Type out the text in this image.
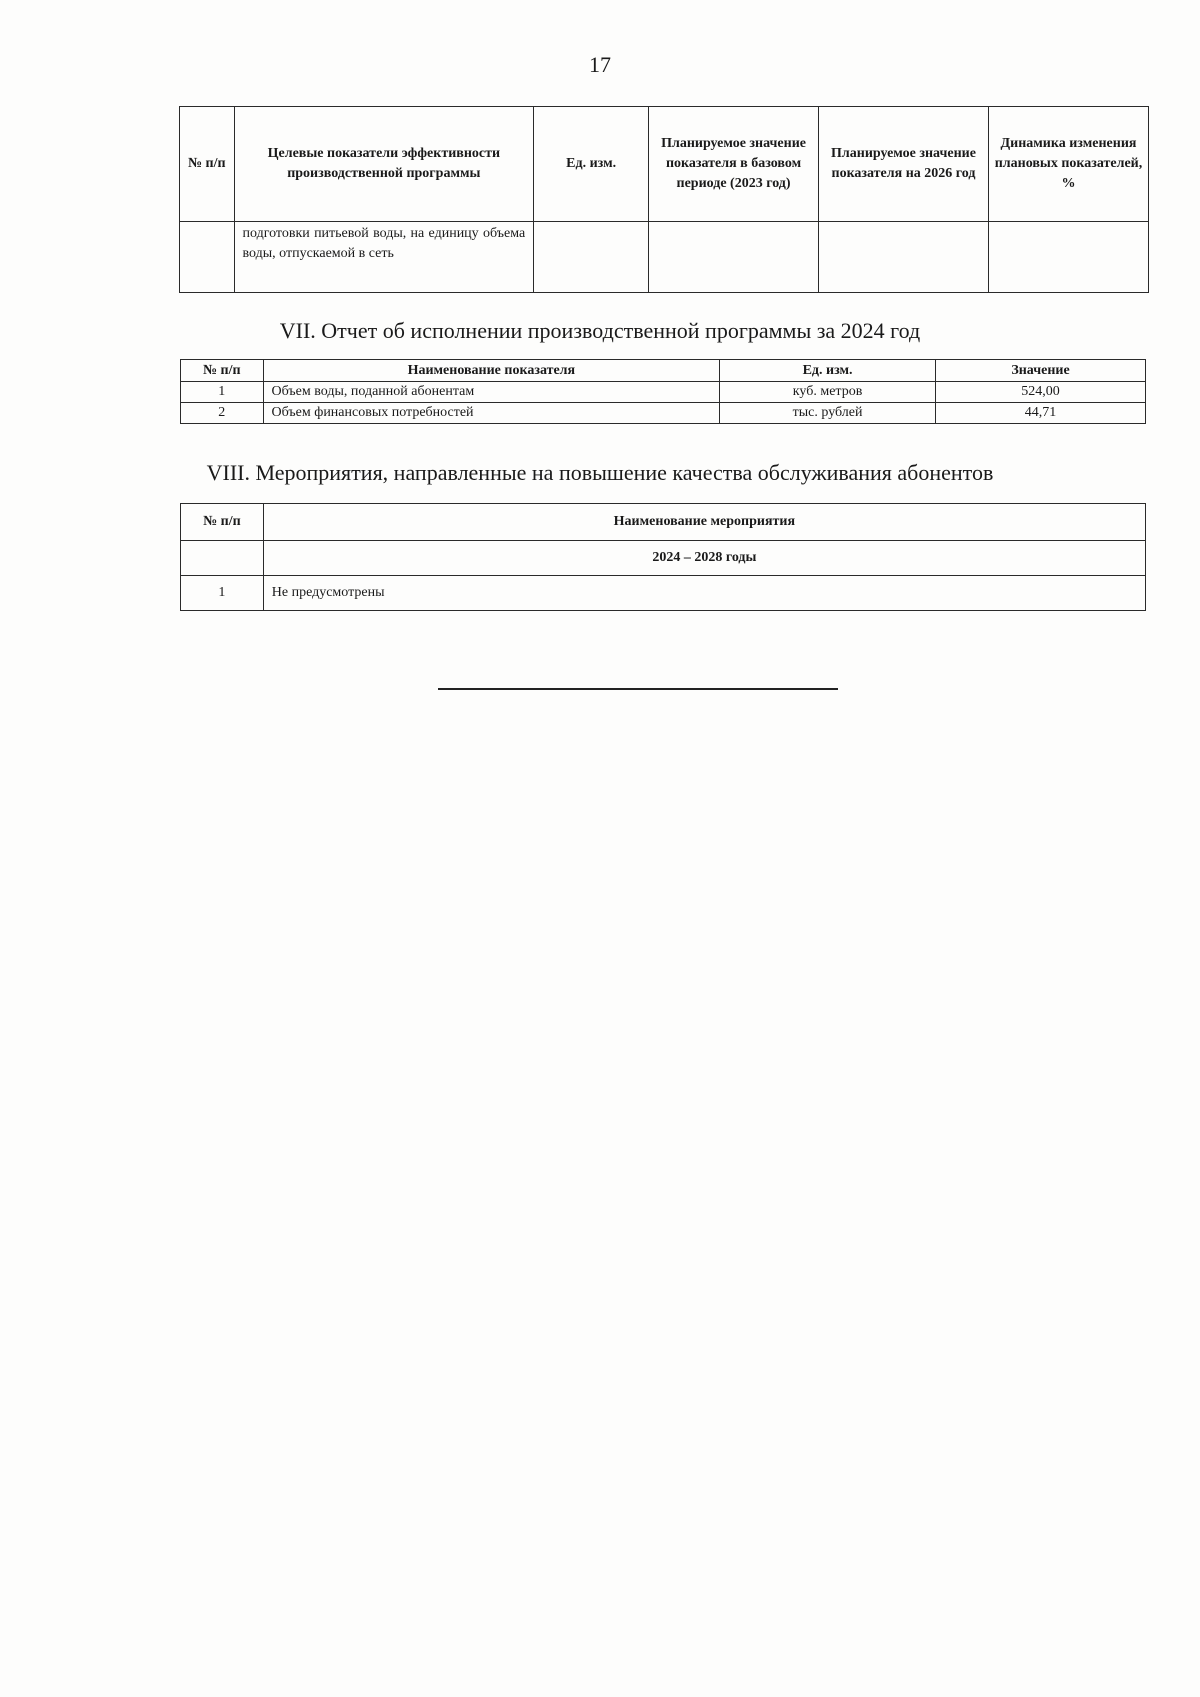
17
№ п/п	Целевые показатели эффективности производственной программы	Ед. изм.	Планируемое значение показателя в базовом периоде (2023 год)	Планируемое значение показателя на 2026 год	Динамика изменения плановых показателей, %
	подготовки питьевой воды, на единицу объема воды, отпускаемой в сеть				
VII. Отчет об исполнении производственной программы за 2024 год
№ п/п	Наименование показателя	Ед. изм.	Значение
1	Объем воды, поданной абонентам	куб. метров	524,00
2	Объем финансовых потребностей	тыс. рублей	44,71
VIII. Мероприятия, направленные на повышение качества обслуживания абонентов
№ п/п	Наименование мероприятия
	2024 – 2028 годы
1	Не предусмотрены
